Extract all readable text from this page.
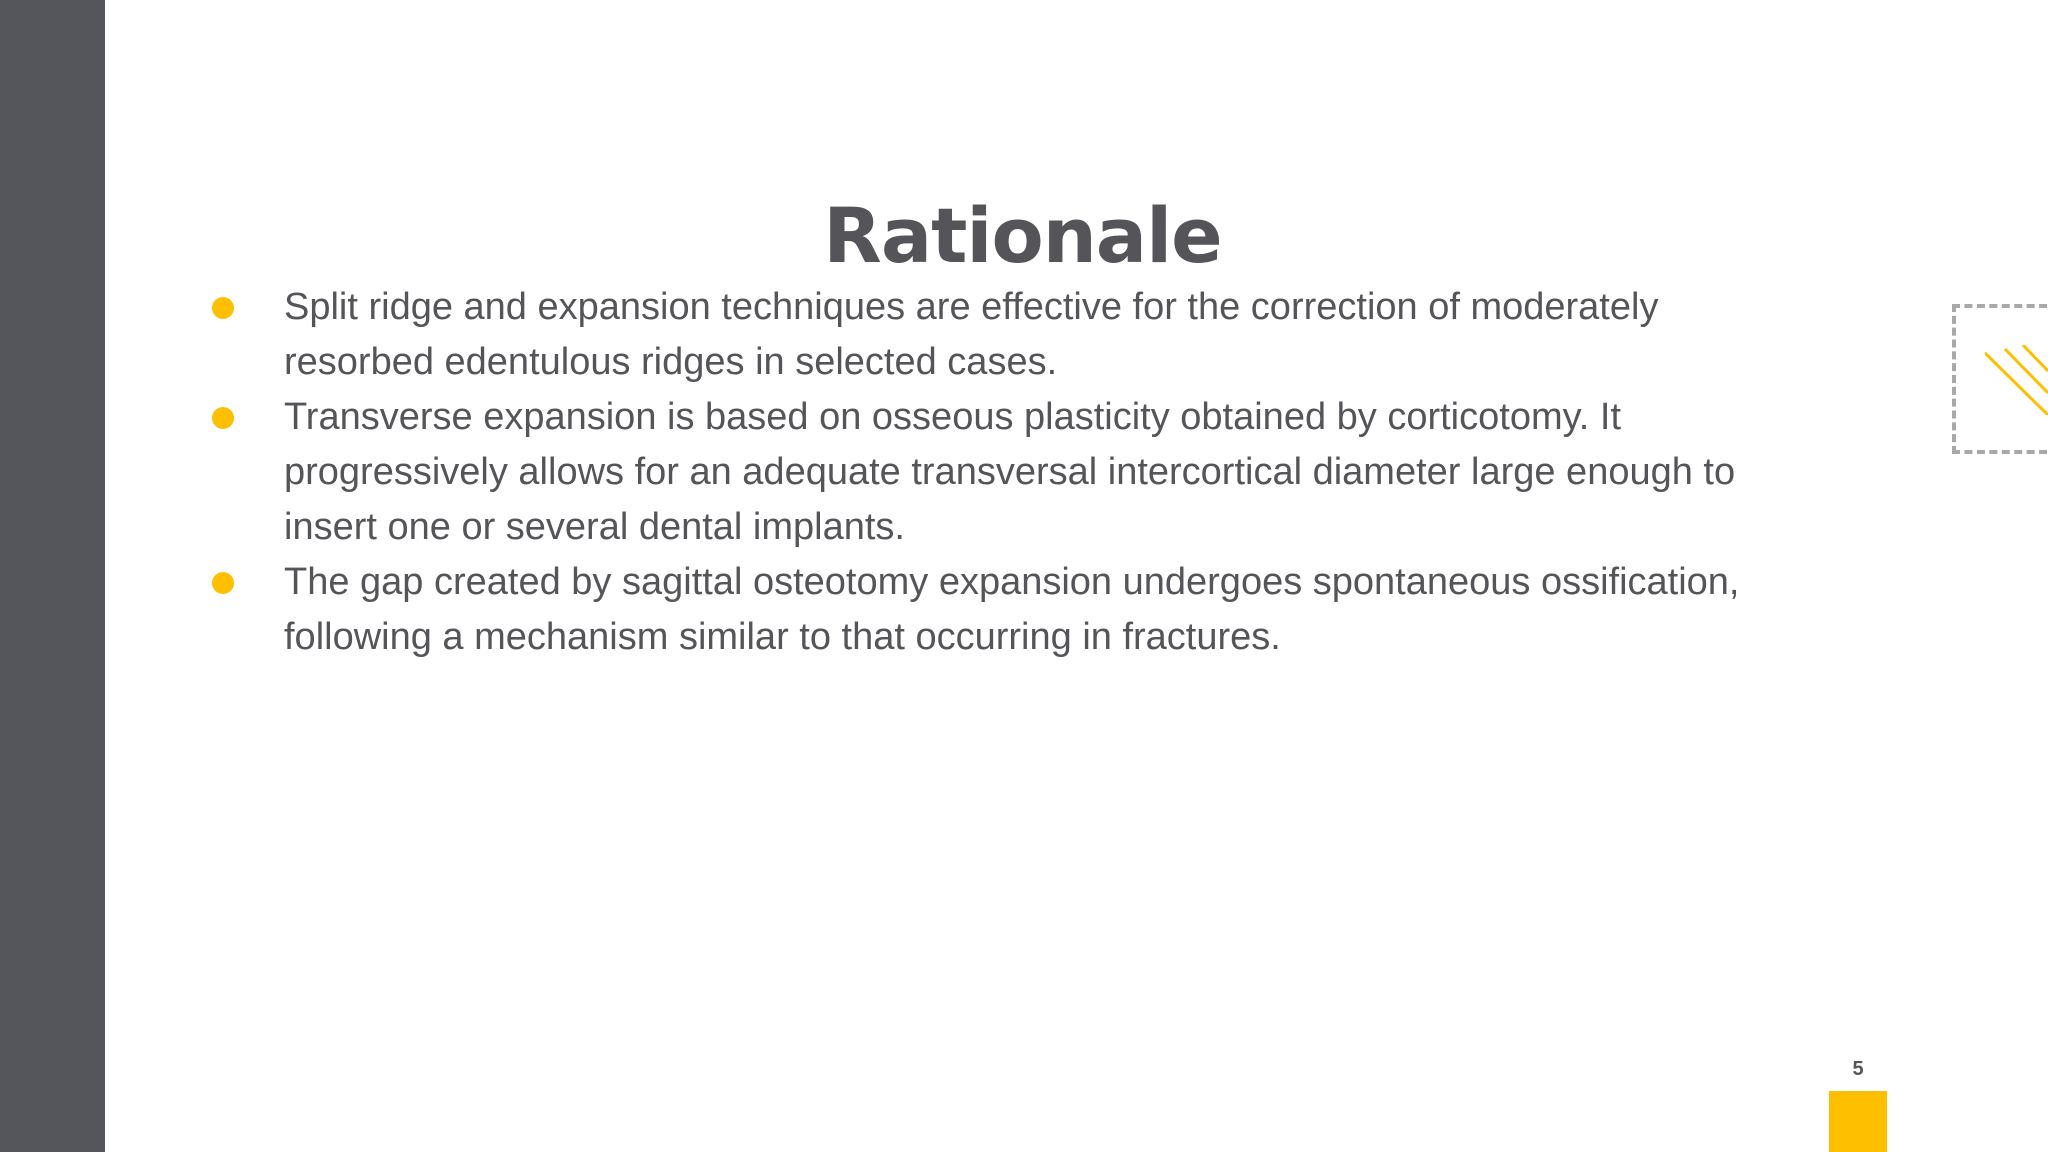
Rationale
Split ridge and expansion techniques are effective for the correction of moderately
resorbed edentulous ridges in selected cases.
Transverse expansion is based on osseous plasticity obtained by corticotomy. It
progressively allows for an adequate transversal intercortical diameter large enough to
insert one or several dental implants.
The gap created by sagittal osteotomy expansion undergoes spontaneous ossification,
following a mechanism similar to that occurring in fractures.
5
